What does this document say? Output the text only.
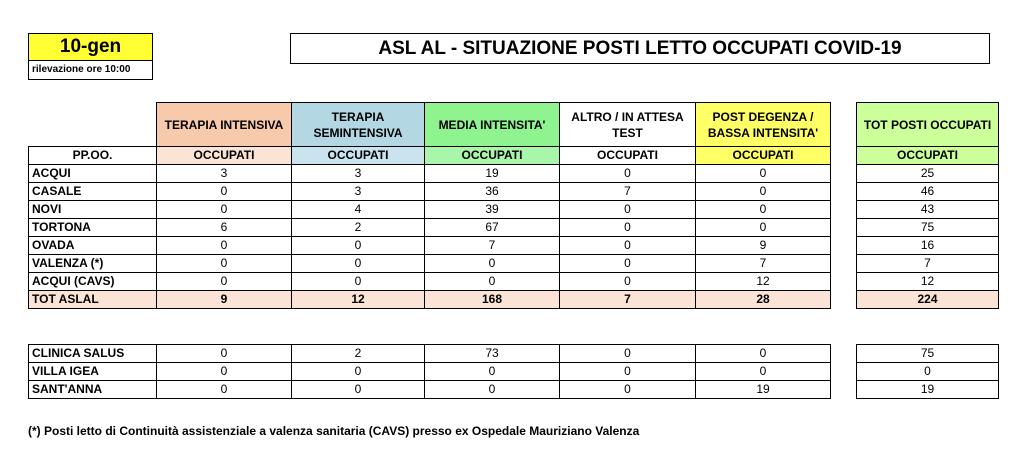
10-gen
rilevazione ore 10:00
ASL AL - SITUAZIONE POSTI LETTO OCCUPATI COVID-19
	TERAPIA INTENSIVA	TERAPIA SEMINTENSIVA	MEDIA INTENSITA'	ALTRO / IN ATTESA TEST	POST DEGENZA / BASSA INTENSITA'		TOT POSTI OCCUPATI
PP.OO.	OCCUPATI	OCCUPATI	OCCUPATI	OCCUPATI	OCCUPATI		OCCUPATI
ACQUI	3	3	19	0	0		25
CASALE	0	3	36	7	0		46
NOVI	0	4	39	0	0		43
TORTONA	6	2	67	0	0		75
OVADA	0	0	7	0	9		16
VALENZA (*)	0	0	0	0	7		7
ACQUI (CAVS)	0	0	0	0	12		12
TOT ASLAL	9	12	168	7	28		224
CLINICA SALUS	0	2	73	0	0		75
VILLA IGEA	0	0	0	0	0		0
SANT'ANNA	0	0	0	0	19		19
(*) Posti letto di Continuità assistenziale a valenza sanitaria (CAVS) presso ex Ospedale Mauriziano Valenza
